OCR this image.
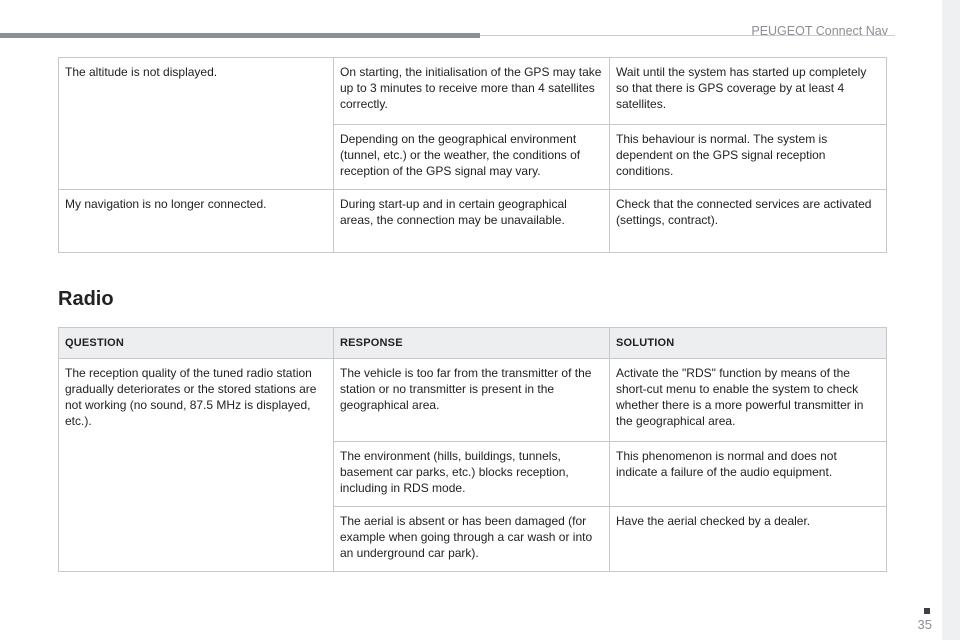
PEUGEOT Connect Nav
The altitude is not displayed.	On starting, the initialisation of the GPS may take up to 3 minutes to receive more than 4 satellites correctly.	Wait until the system has started up completely so that there is GPS coverage by at least 4 satellites.
	Depending on the geographical environment (tunnel, etc.) or the weather, the conditions of reception of the GPS signal may vary.	This behaviour is normal. The system is dependent on the GPS signal reception conditions.
My navigation is no longer connected.	During start-up and in certain geographical areas, the connection may be unavailable.	Check that the connected services are activated (settings, contract).
Radio
QUESTION	RESPONSE	SOLUTION
The reception quality of the tuned radio station gradually deteriorates or the stored stations are not working (no sound, 87.5 MHz is displayed, etc.).	The vehicle is too far from the transmitter of the station or no transmitter is present in the geographical area.	Activate the "RDS" function by means of the short-cut menu to enable the system to check whether there is a more powerful transmitter in the geographical area.
	The environment (hills, buildings, tunnels, basement car parks, etc.) blocks reception, including in RDS mode.	This phenomenon is normal and does not indicate a failure of the audio equipment.
	The aerial is absent or has been damaged (for example when going through a car wash or into an underground car park).	Have the aerial checked by a dealer.
35
